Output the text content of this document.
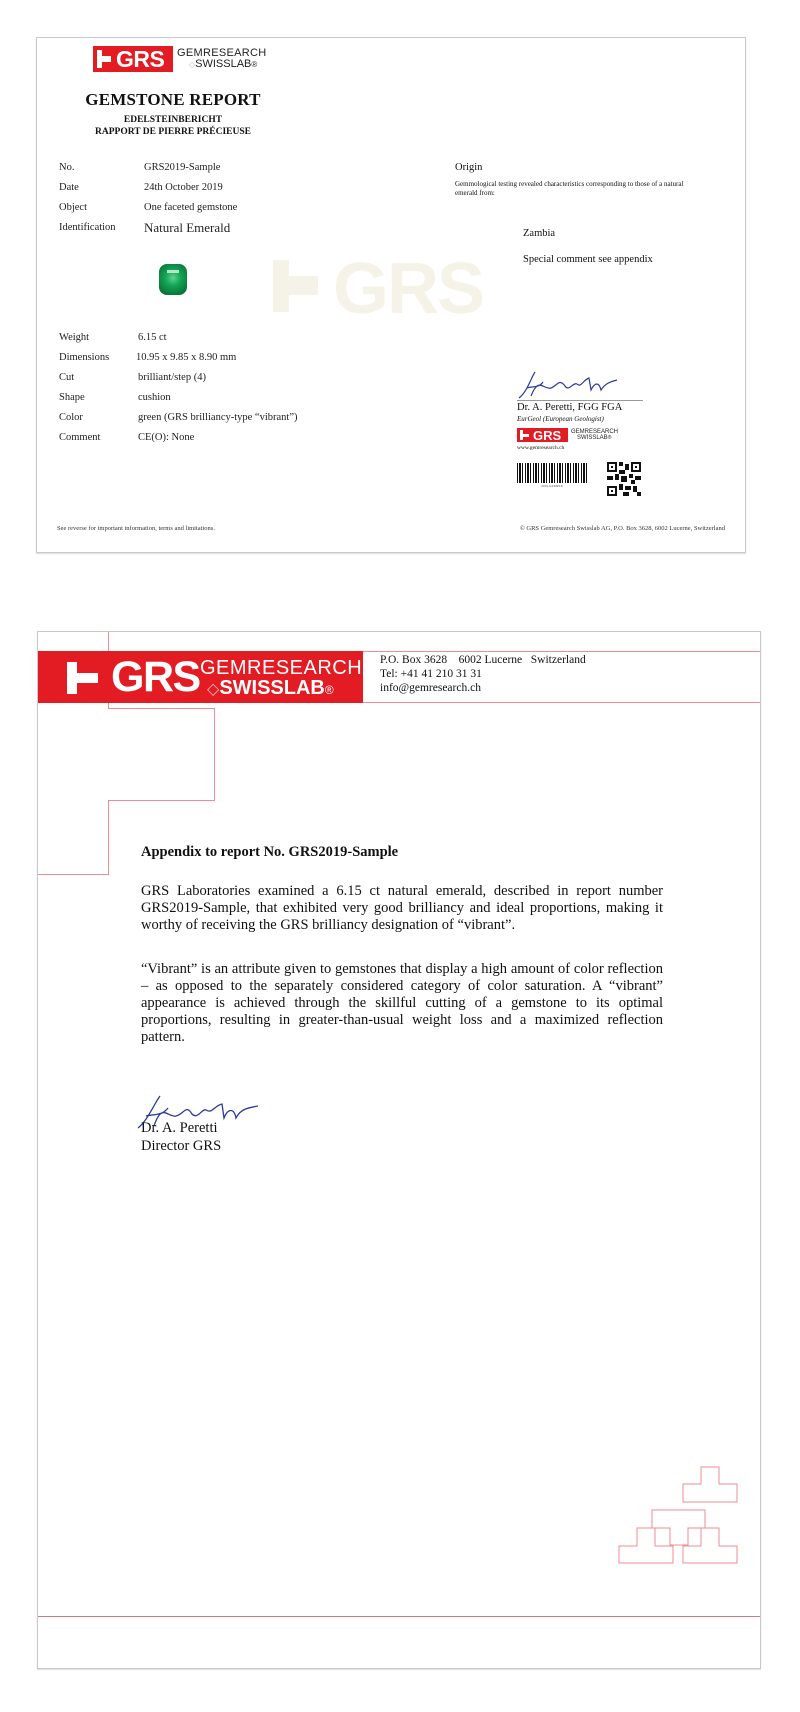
GRS GEMRESEARCH
◇SWISSLAB®
GEMSTONE REPORT
EDELSTEINBERICHT
RAPPORT DE PIERRE PRÉCIEUSE
No.	GRS2019-Sample
Date	24th October 2019
Object	One faceted gemstone
Identification Natural Emerald
Origin
Gemmological testing revealed characteristics corresponding to those of a natural emerald from:
Zambia
Special comment see appendix
GRS
Weight	6.15 ct
Dimensions	10.95 x 9.85 x 8.90 mm
Cut	brilliant/step (4)
Shape	cushion
Color	green (GRS brilliancy-type “vibrant”)
Comment	CE(O): None
Dr. A. Peretti, FGG FGA
EurGeol (European Geologist)
GRS GEMRESEARCH
SWISSLAB®
www.gemresearch.ch
2019-SAMPLE
See reverse for important information, terms and limitations.	© GRS Gemresearch Swisslab AG, P.O. Box 3628, 6002 Lucerne, Switzerland
GRS GEMRESEARCH
◇SWISSLAB®
P.O. Box 3628    6002 Lucerne   Switzerland
Tel: +41 41 210 31 31
info@gemresearch.ch
Appendix to report No. GRS2019-Sample
GRS Laboratories examined a 6.15 ct natural emerald, described in report number GRS2019-Sample, that exhibited very good brilliancy and ideal proportions, making it worthy of receiving the GRS brilliancy designation of “vibrant”.
“Vibrant” is an attribute given to gemstones that display a high amount of color reflection – as opposed to the separately considered category of color saturation. A “vibrant” appearance is achieved through the skillful cutting of a gemstone to its optimal proportions, resulting in greater-than-usual weight loss and a maximized reflection pattern.
Dr. A. Peretti
Director GRS
